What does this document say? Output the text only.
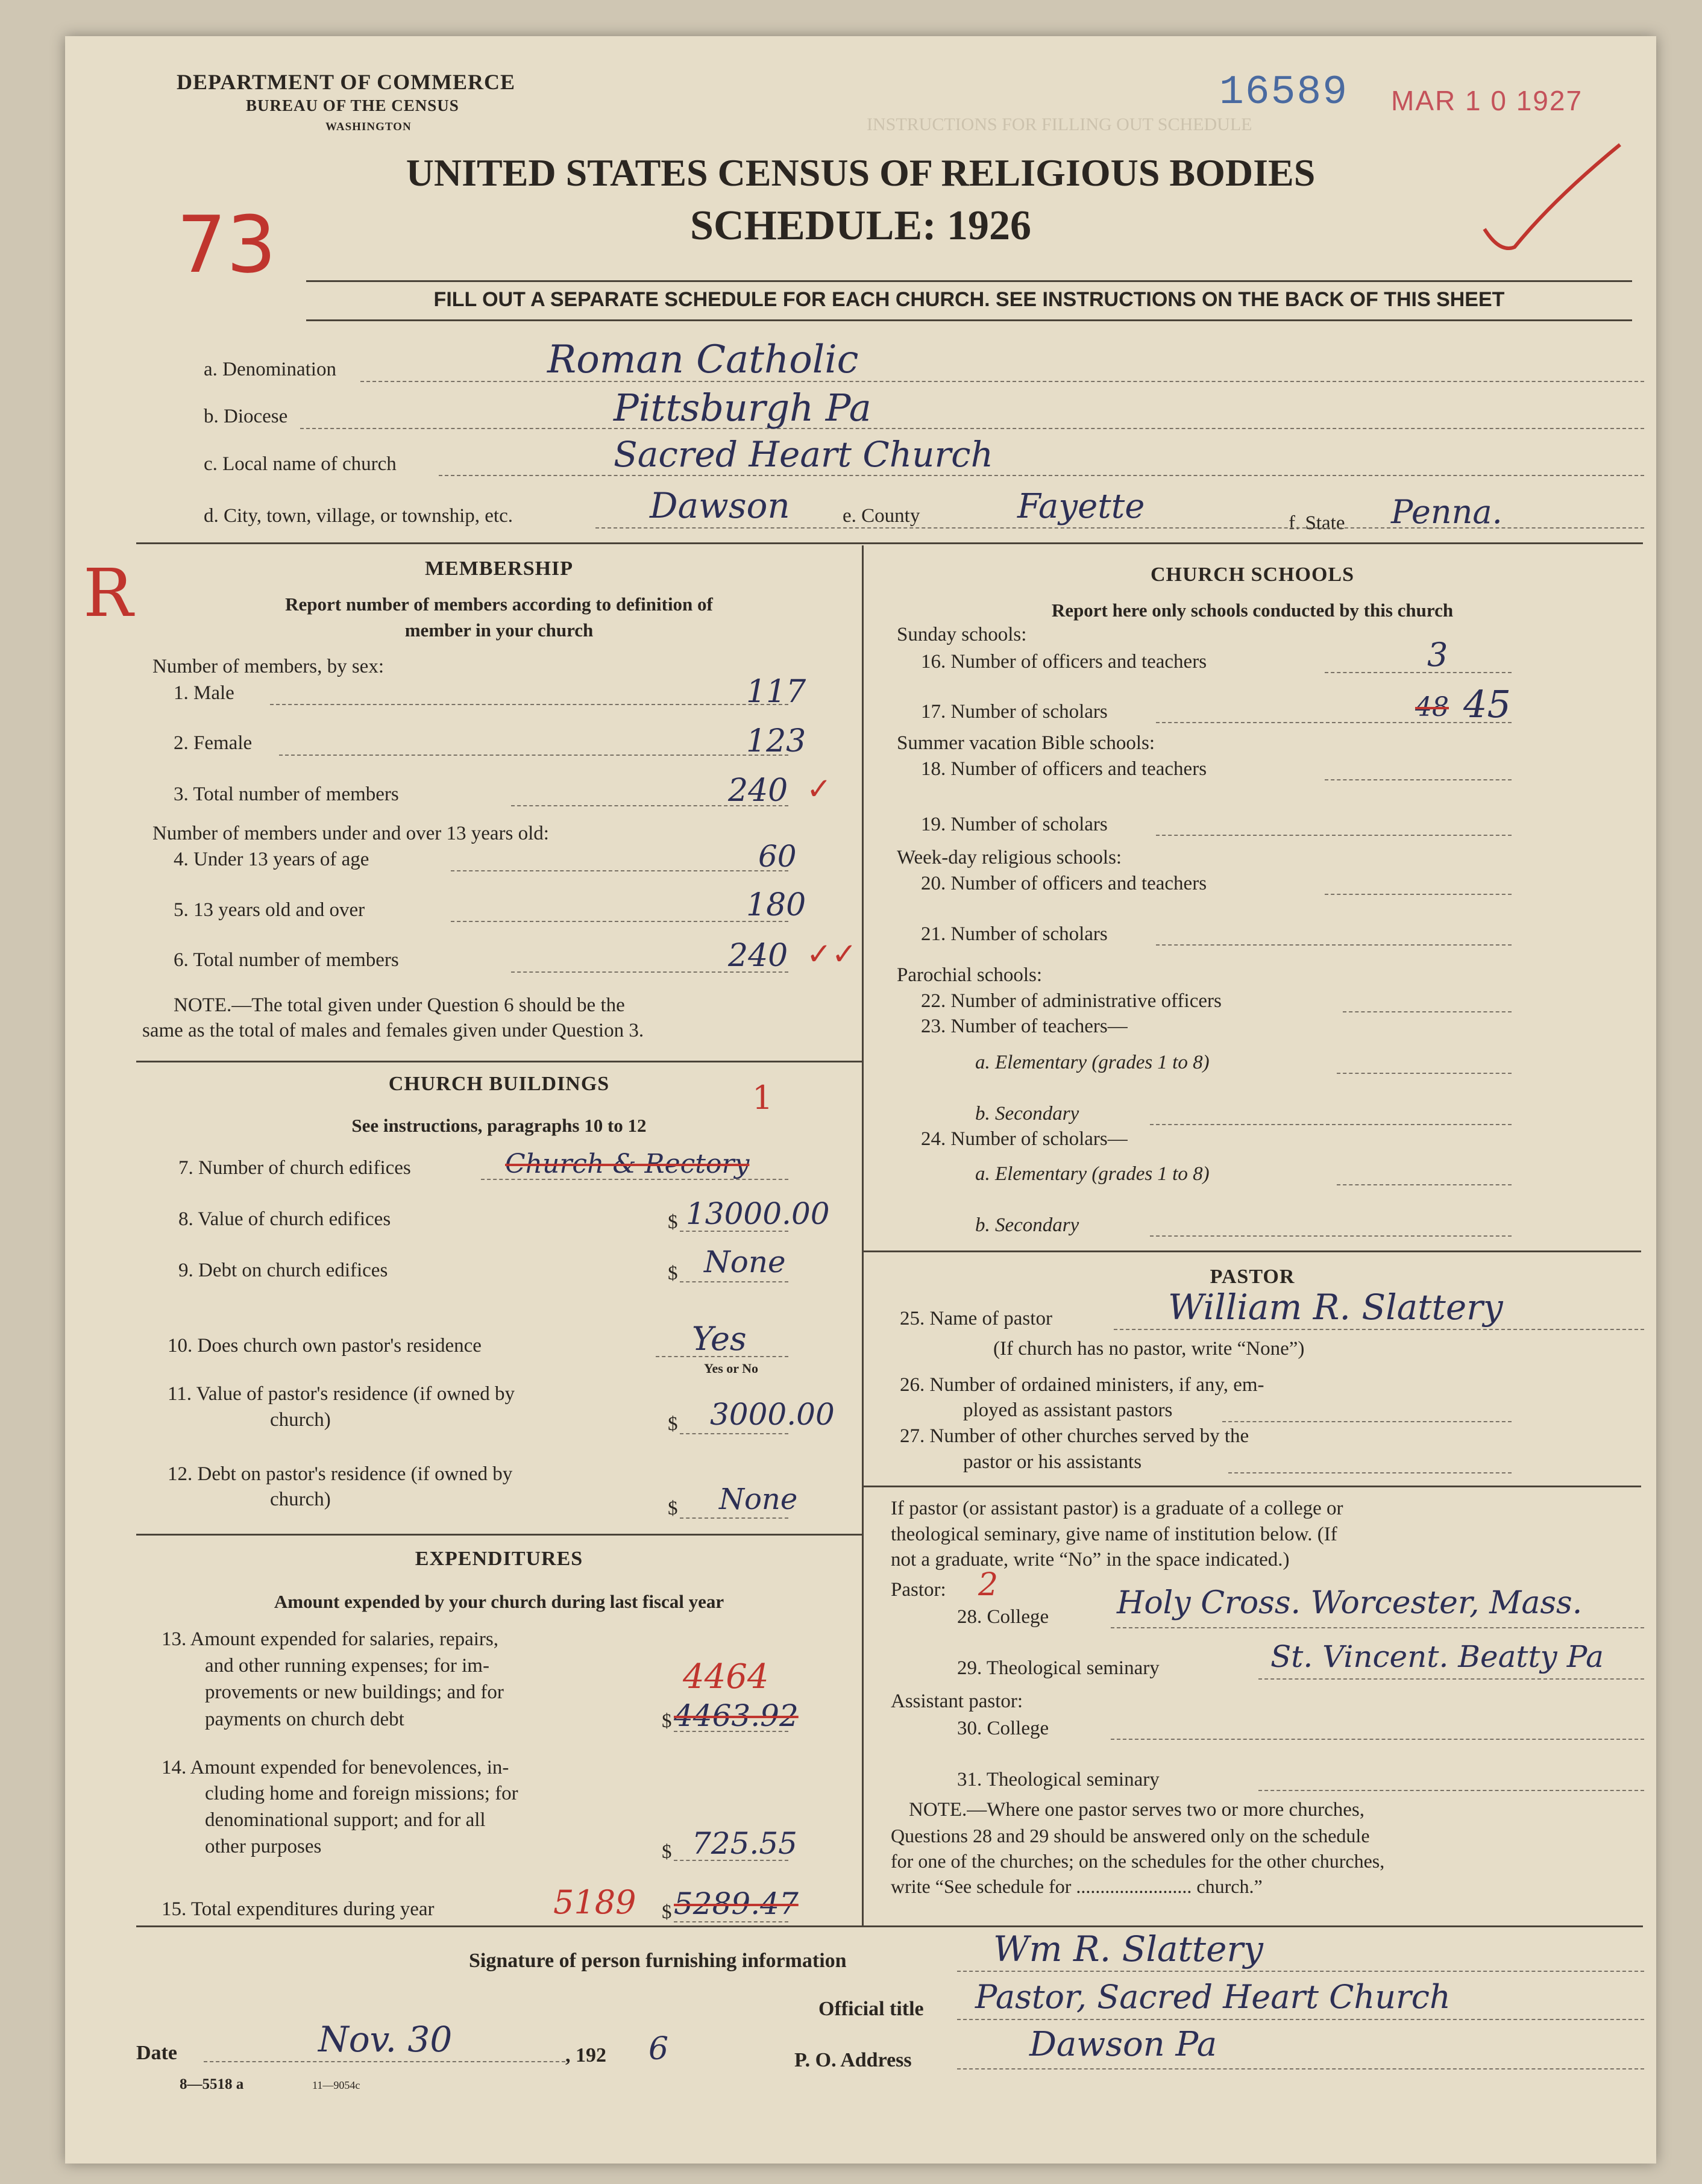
INSTRUCTIONS FOR FILLING OUT SCHEDULE
DEPARTMENT OF COMMERCE
BUREAU OF THE CENSUS
WASHINGTON
16589 MAR 1 0 1927
UNITED STATES CENSUS OF RELIGIOUS BODIES
SCHEDULE: 1926
73
FILL OUT A SEPARATE SCHEDULE FOR EACH CHURCH. SEE INSTRUCTIONS ON THE BACK OF THIS SHEET
a. Denomination	Roman Catholic
b. Diocese	Pittsburgh Pa
c. Local name of church	Sacred Heart Church
d. City, town, village, or township, etc.	Dawson	e. County	Fayette	f. State Penna.
R	MEMBERSHIP
Report number of members according to definition of
member in your church
Number of members, by sex:
1. Male	117
2. Female	123
3. Total number of members	240 ✓
Number of members under and over 13 years old:
4. Under 13 years of age	60
5. 13 years old and over	180
6. Total number of members	240 ✓✓
NOTE.—The total given under Question 6 should be the
same as the total of males and females given under Question 3.
CHURCH BUILDINGS	1
See instructions, paragraphs 10 to 12
7. Number of church edifices	Church & Rectory
8. Value of church edifices	$ 13000.00
9. Debt on church edifices	$ None
10. Does church own pastor's residence	Yes
Yes or No
11. Value of pastor's residence (if owned by
church)	$ 3000.00
12. Debt on pastor's residence (if owned by
church)	$ None
EXPENDITURES
Amount expended by your church during last fiscal year
13. Amount expended for salaries, repairs,
and other running expenses; for im-
provements or new buildings; and for
payments on church debt
4464
$ 4463.92
14. Amount expended for benevolences, in-
cluding home and foreign missions; for
denominational support; and for all
other purposes	$ 725.55
15. Total expenditures during year	5189 $ 5289.47
CHURCH SCHOOLS
Report here only schools conducted by this church
Sunday schools:
16. Number of officers and teachers	3
17. Number of scholars	48 45
Summer vacation Bible schools:
18. Number of officers and teachers
19. Number of scholars
Week-day religious schools:
20. Number of officers and teachers
21. Number of scholars
Parochial schools:
22. Number of administrative officers
23. Number of teachers—
a. Elementary (grades 1 to 8)
b. Secondary
24. Number of scholars—
a. Elementary (grades 1 to 8)
b. Secondary
PASTOR
25. Name of pastor	William R. Slattery
(If church has no pastor, write “None”)
26. Number of ordained ministers, if any, em-
ployed as assistant pastors
27. Number of other churches served by the
pastor or his assistants
If pastor (or assistant pastor) is a graduate of a college or
theological seminary, give name of institution below. (If
not a graduate, write “No” in the space indicated.)
Pastor: 2
28. College Holy Cross. Worcester, Mass.
29. Theological seminary	St. Vincent. Beatty Pa
Assistant pastor:
30. College
31. Theological seminary
NOTE.—Where one pastor serves two or more churches,
Questions 28 and 29 should be answered only on the schedule
for one of the churches; on the schedules for the other churches,
write “See schedule for ........................ church.”
Signature of person furnishing information	Wm R. Slattery
Official title Pastor, Sacred Heart Church
Date	Nov. 30	, 192 6	P. O. Address	Dawson Pa
8—5518 a	11—9054c
